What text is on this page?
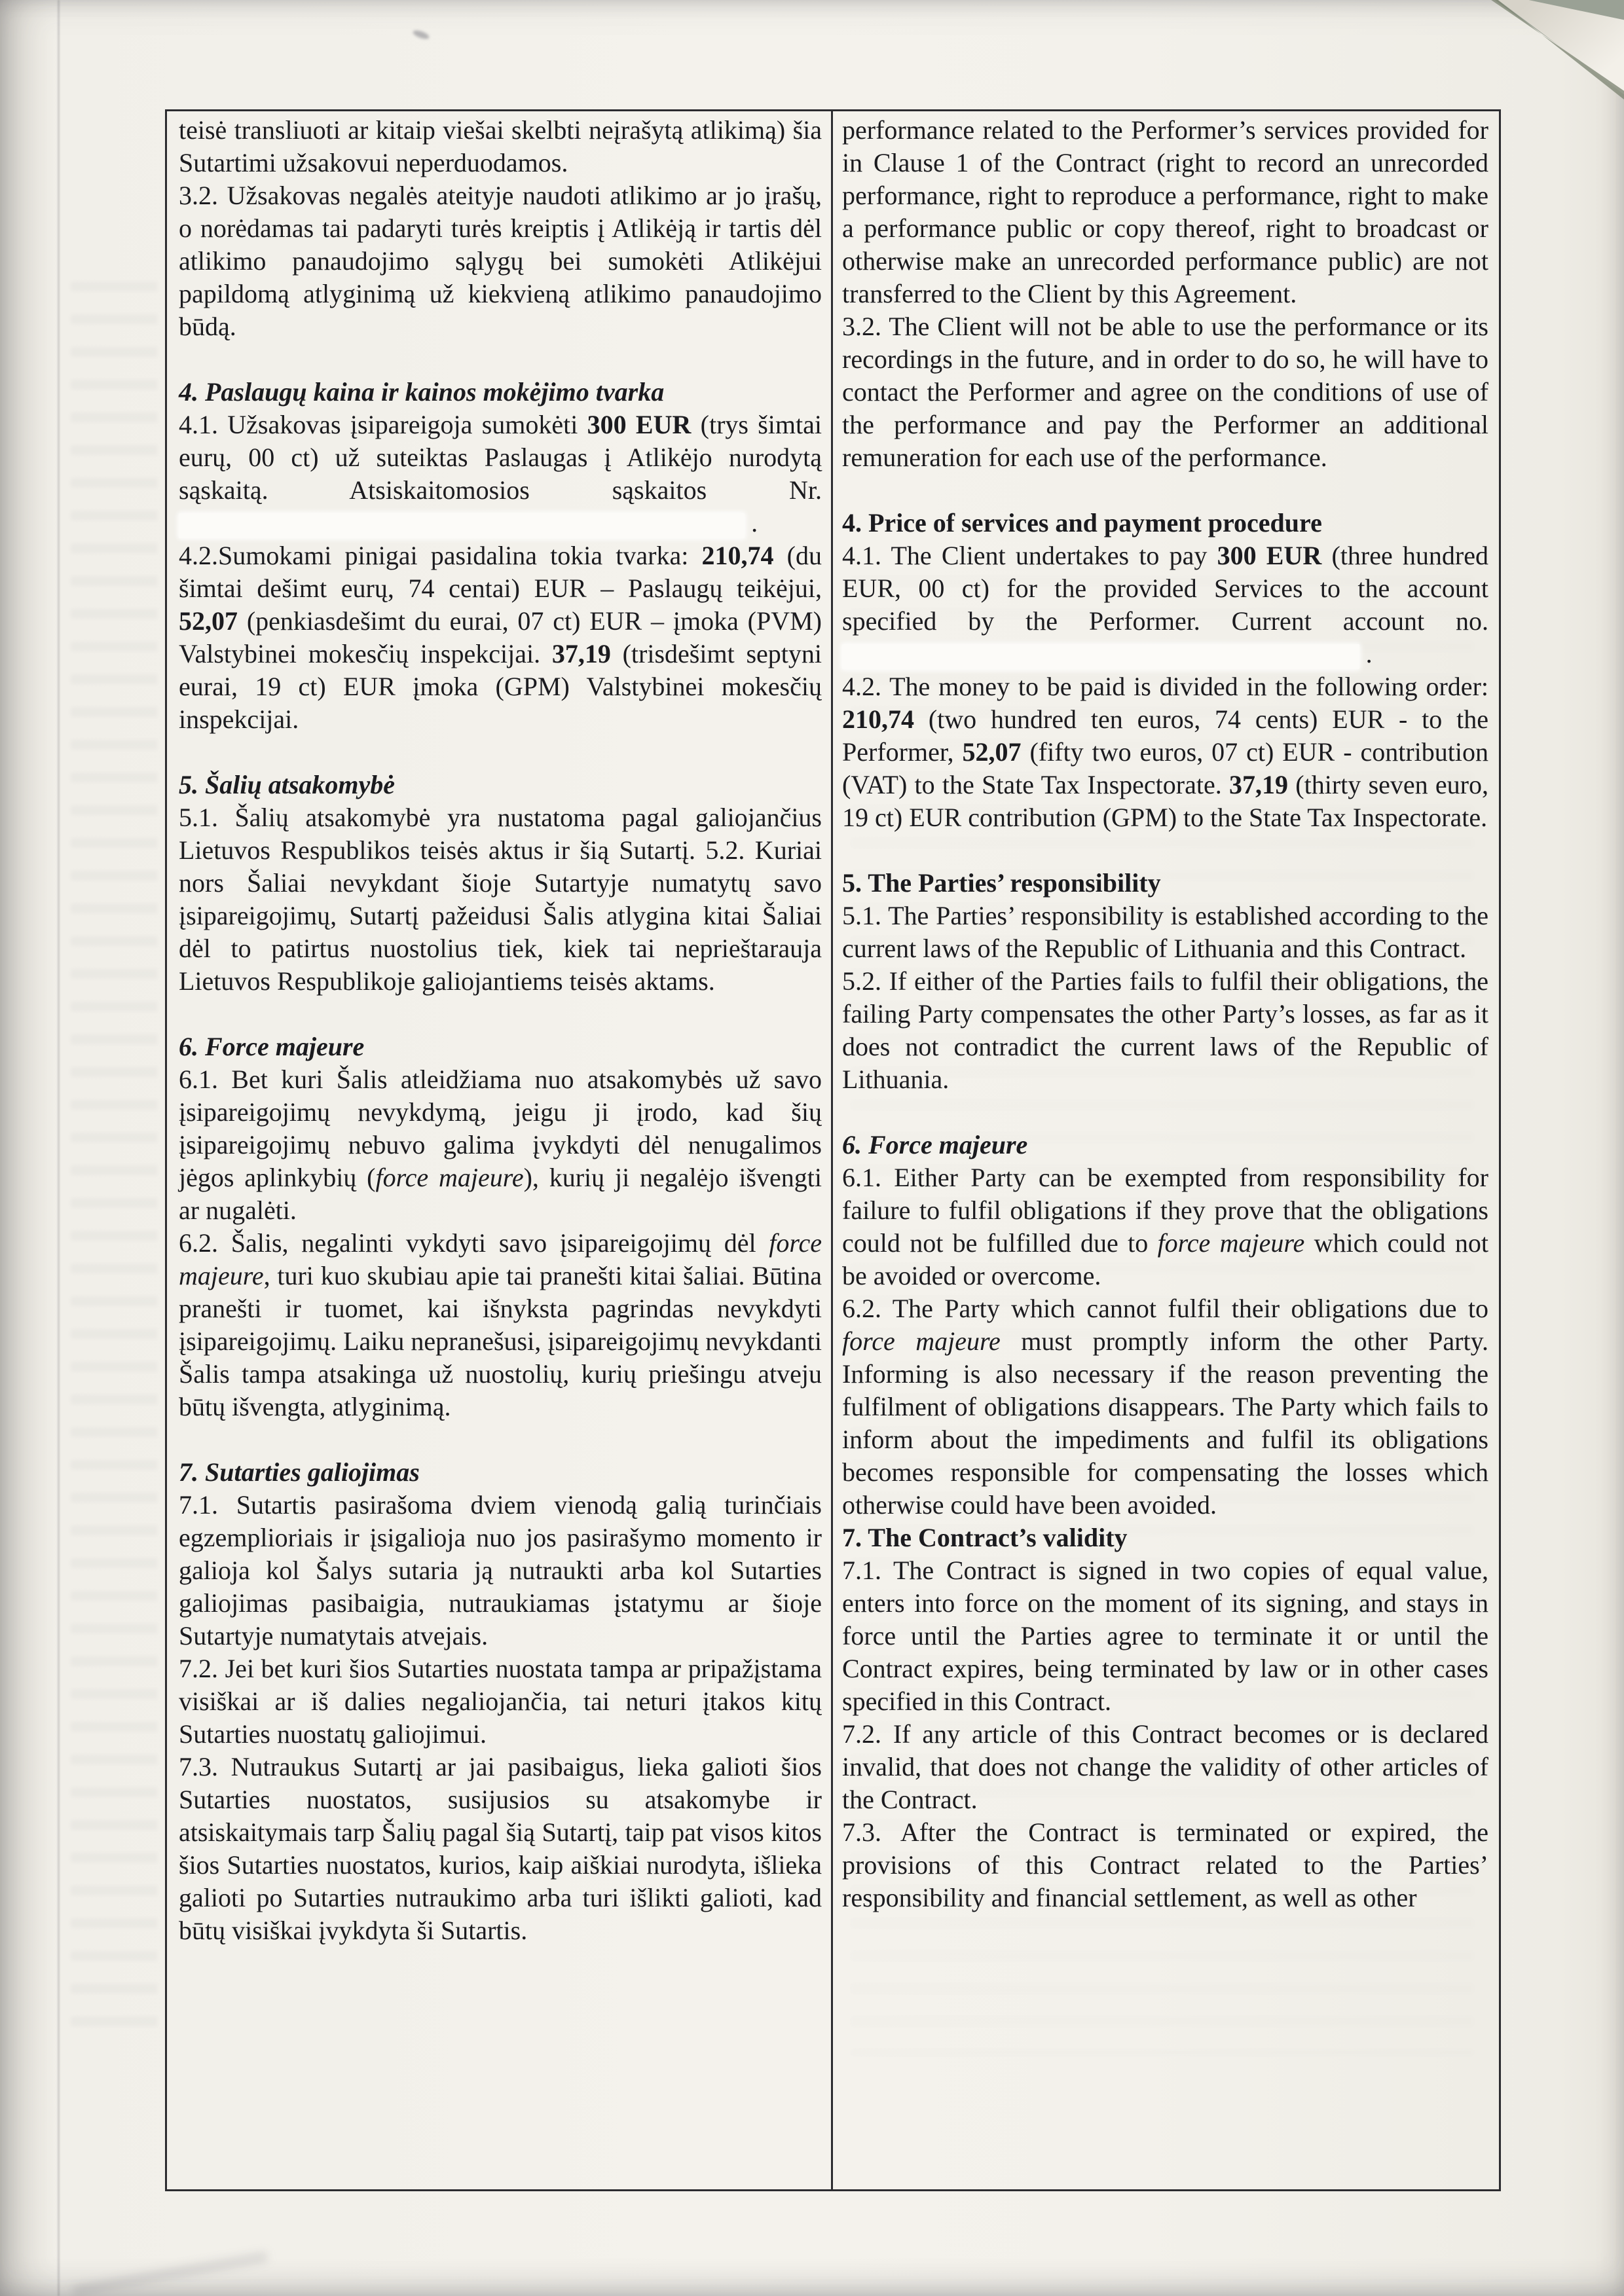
teisė transliuoti ar kitaip viešai skelbti neįrašytą atlikimą) šia Sutartimi užsakovui neperduodamos.

3.2. Užsakovas negalės ateityje naudoti atlikimo ar jo įrašų, o norėdamas tai padaryti turės kreiptis į Atlikėją ir tartis dėl atlikimo panaudojimo sąlygų bei sumokėti Atlikėjui papildomą atlyginimą už kiekvieną atlikimo panaudojimo būdą.

4. Paslaugų kaina ir kainos mokėjimo tvarka

4.1. Užsakovas įsipareigoja sumokėti 300 EUR (trys šimtai eurų, 00 ct) už suteiktas Paslaugas į Atlikėjo nurodytą sąskaitą. Atsiskaitomosios sąskaitos Nr.  .

4.2.Sumokami pinigai pasidalina tokia tvarka: 210,74 (du šimtai dešimt eurų, 74 centai) EUR – Paslaugų teikėjui, 52,07 (penkiasdešimt du eurai, 07 ct) EUR – įmoka (PVM) Valstybinei mokesčių inspekcijai. 37,19 (trisdešimt septyni eurai, 19 ct) EUR įmoka (GPM) Valstybinei mokesčių inspekcijai.

5. Šalių atsakomybė

5.1. Šalių atsakomybė yra nustatoma pagal galiojančius Lietuvos Respublikos teisės aktus ir šią Sutartį. 5.2. Kuriai nors Šaliai nevykdant šioje Sutartyje numatytų savo įsipareigojimų, Sutartį pažeidusi Šalis atlygina kitai Šaliai dėl to patirtus nuostolius tiek, kiek tai neprieštarauja Lietuvos Respublikoje galiojantiems teisės aktams.

6. Force majeure

6.1. Bet kuri Šalis atleidžiama nuo atsakomybės už savo įsipareigojimų nevykdymą, jeigu ji įrodo, kad šių įsipareigojimų nebuvo galima įvykdyti dėl nenugalimos jėgos aplinkybių (force majeure), kurių ji negalėjo išvengti ar nugalėti.

6.2. Šalis, negalinti vykdyti savo įsipareigojimų dėl force majeure, turi kuo skubiau apie tai pranešti kitai šaliai. Būtina pranešti ir tuomet, kai išnyksta pagrindas nevykdyti įsipareigojimų. Laiku nepranešusi, įsipareigojimų nevykdanti Šalis tampa atsakinga už nuostolių, kurių priešingu atveju būtų išvengta, atlyginimą.

7. Sutarties galiojimas

7.1. Sutartis pasirašoma dviem vienodą galią turinčiais egzemplioriais ir įsigalioja nuo jos pasirašymo momento ir galioja kol Šalys sutaria ją nutraukti arba kol Sutarties galiojimas pasibaigia, nutraukiamas įstatymu ar šioje Sutartyje numatytais atvejais.

7.2. Jei bet kuri šios Sutarties nuostata tampa ar pripažįstama visiškai ar iš dalies negaliojančia, tai neturi įtakos kitų Sutarties nuostatų galiojimui.

7.3. Nutraukus Sutartį ar jai pasibaigus, lieka galioti šios Sutarties nuostatos, susijusios su atsakomybe ir atsiskaitymais tarp Šalių pagal šią Sutartį, taip pat visos kitos šios Sutarties nuostatos, kurios, kaip aiškiai nurodyta, išlieka galioti po Sutarties nutraukimo arba turi išlikti galioti, kad būtų visiškai įvykdyta ši Sutartis.

performance related to the Performer’s services provided for in Clause 1 of the Contract (right to record an unrecorded performance, right to reproduce a performance, right to make a performance public or copy thereof, right to broadcast or otherwise make an unrecorded performance public) are not transferred to the Client by this Agreement.

3.2. The Client will not be able to use the performance or its recordings in the future, and in order to do so, he will have to contact the Performer and agree on the conditions of use of the performance and pay the Performer an additional remuneration for each use of the performance.

4. Price of services and payment procedure

4.1. The Client undertakes to pay 300 EUR (three hundred EUR, 00 ct) for the provided Services to the account specified by the Performer. Current account no.  .

4.2. The money to be paid is divided in the following order: 210,74 (two hundred ten euros, 74 cents) EUR - to the Performer, 52,07 (fifty two euros, 07 ct) EUR - contribution (VAT) to the State Tax Inspectorate. 37,19 (thirty seven euro, 19 ct) EUR contribution (GPM) to the State Tax Inspectorate.

5. The Parties’ responsibility

5.1. The Parties’ responsibility is established according to the current laws of the Republic of Lithuania and this Contract.

5.2. If either of the Parties fails to fulfil their obligations, the failing Party compensates the other Party’s losses, as far as it does not contradict the current laws of the Republic of Lithuania.

6. Force majeure

6.1. Either Party can be exempted from responsibility for failure to fulfil obligations if they prove that the obligations could not be fulfilled due to force majeure which could not be avoided or overcome.

6.2. The Party which cannot fulfil their obligations due to force majeure must promptly inform the other Party. Informing is also necessary if the reason preventing the fulfilment of obligations disappears. The Party which fails to inform about the impediments and fulfil its obligations becomes responsible for compensating the losses which otherwise could have been avoided.

7. The Contract’s validity

7.1. The Contract is signed in two copies of equal value, enters into force on the moment of its signing, and stays in force until the Parties agree to terminate it or until the Contract expires, being terminated by law or in other cases specified in this Contract.

7.2. If any article of this Contract becomes or is declared invalid, that does not change the validity of other articles of the Contract.

7.3. After the Contract is terminated or expired, the provisions of this Contract related to the Parties’ responsibility and financial settlement, as well as other
